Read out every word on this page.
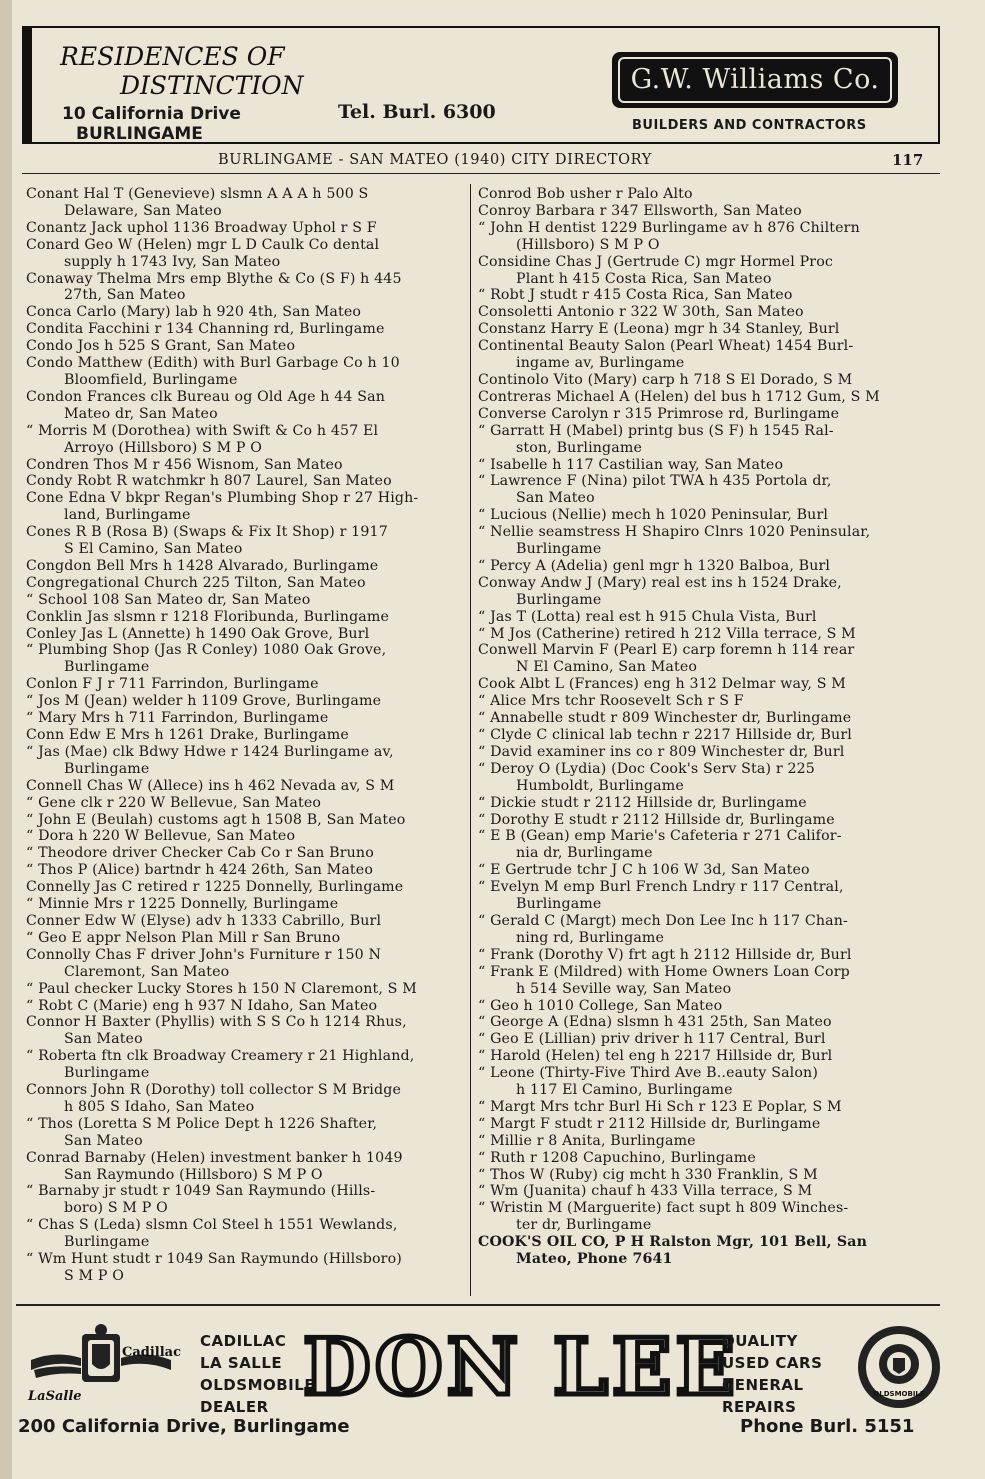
RESIDENCES OF
DISTINCTION
10 California Drive
BURLINGAME
Tel. Burl. 6300
G.W. Williams Co.
BUILDERS AND CONTRACTORS
BURLINGAME - SAN MATEO (1940) CITY DIRECTORY	117
Conant Hal T (Genevieve) slsmn A A A h 500 S
Delaware, San Mateo
Conantz Jack uphol 1136 Broadway Uphol r S F
Conard Geo W (Helen) mgr L D Caulk Co dental
supply h 1743 Ivy, San Mateo
Conaway Thelma Mrs emp Blythe & Co (S F) h 445
27th, San Mateo
Conca Carlo (Mary) lab h 920 4th, San Mateo
Condita Facchini r 134 Channing rd, Burlingame
Condo Jos h 525 S Grant, San Mateo
Condo Matthew (Edith) with Burl Garbage Co h 10
Bloomfield, Burlingame
Condon Frances clk Bureau og Old Age h 44 San
Mateo dr, San Mateo
“ Morris M (Dorothea) with Swift & Co h 457 El
Arroyo (Hillsboro) S M P O
Condren Thos M r 456 Wisnom, San Mateo
Condy Robt R watchmkr h 807 Laurel, San Mateo
Cone Edna V bkpr Regan's Plumbing Shop r 27 High-
land, Burlingame
Cones R B (Rosa B) (Swaps & Fix It Shop) r 1917
S El Camino, San Mateo
Congdon Bell Mrs h 1428 Alvarado, Burlingame
Congregational Church 225 Tilton, San Mateo
“ School 108 San Mateo dr, San Mateo
Conklin Jas slsmn r 1218 Floribunda, Burlingame
Conley Jas L (Annette) h 1490 Oak Grove, Burl
“ Plumbing Shop (Jas R Conley) 1080 Oak Grove,
Burlingame
Conlon F J r 711 Farrindon, Burlingame
“ Jos M (Jean) welder h 1109 Grove, Burlingame
“ Mary Mrs h 711 Farrindon, Burlingame
Conn Edw E Mrs h 1261 Drake, Burlingame
“ Jas (Mae) clk Bdwy Hdwe r 1424 Burlingame av,
Burlingame
Connell Chas W (Allece) ins h 462 Nevada av, S M
“ Gene clk r 220 W Bellevue, San Mateo
“ John E (Beulah) customs agt h 1508 B, San Mateo
“ Dora h 220 W Bellevue, San Mateo
“ Theodore driver Checker Cab Co r San Bruno
“ Thos P (Alice) bartndr h 424 26th, San Mateo
Connelly Jas C retired r 1225 Donnelly, Burlingame
“ Minnie Mrs r 1225 Donnelly, Burlingame
Conner Edw W (Elyse) adv h 1333 Cabrillo, Burl
“ Geo E appr Nelson Plan Mill r San Bruno
Connolly Chas F driver John's Furniture r 150 N
Claremont, San Mateo
“ Paul checker Lucky Stores h 150 N Claremont, S M
“ Robt C (Marie) eng h 937 N Idaho, San Mateo
Connor H Baxter (Phyllis) with S S Co h 1214 Rhus,
San Mateo
“ Roberta ftn clk Broadway Creamery r 21 Highland,
Burlingame
Connors John R (Dorothy) toll collector S M Bridge
h 805 S Idaho, San Mateo
“ Thos (Loretta S M Police Dept h 1226 Shafter,
San Mateo
Conrad Barnaby (Helen) investment banker h 1049
San Raymundo (Hillsboro) S M P O
“ Barnaby jr studt r 1049 San Raymundo (Hills-
boro) S M P O
“ Chas S (Leda) slsmn Col Steel h 1551 Wewlands,
Burlingame
“ Wm Hunt studt r 1049 San Raymundo (Hillsboro)
S M P O
Conrod Bob usher r Palo Alto
Conroy Barbara r 347 Ellsworth, San Mateo
“ John H dentist 1229 Burlingame av h 876 Chiltern
(Hillsboro) S M P O
Considine Chas J (Gertrude C) mgr Hormel Proc
Plant h 415 Costa Rica, San Mateo
“ Robt J studt r 415 Costa Rica, San Mateo
Consoletti Antonio r 322 W 30th, San Mateo
Constanz Harry E (Leona) mgr h 34 Stanley, Burl
Continental Beauty Salon (Pearl Wheat) 1454 Burl-
ingame av, Burlingame
Continolo Vito (Mary) carp h 718 S El Dorado, S M
Contreras Michael A (Helen) del bus h 1712 Gum, S M
Converse Carolyn r 315 Primrose rd, Burlingame
“ Garratt H (Mabel) printg bus (S F) h 1545 Ral-
ston, Burlingame
“ Isabelle h 117 Castilian way, San Mateo
“ Lawrence F (Nina) pilot TWA h 435 Portola dr,
San Mateo
“ Lucious (Nellie) mech h 1020 Peninsular, Burl
“ Nellie seamstress H Shapiro Clnrs 1020 Peninsular,
Burlingame
“ Percy A (Adelia) genl mgr h 1320 Balboa, Burl
Conway Andw J (Mary) real est ins h 1524 Drake,
Burlingame
“ Jas T (Lotta) real est h 915 Chula Vista, Burl
“ M Jos (Catherine) retired h 212 Villa terrace, S M
Conwell Marvin F (Pearl E) carp foremn h 114 rear
N El Camino, San Mateo
Cook Albt L (Frances) eng h 312 Delmar way, S M
“ Alice Mrs tchr Roosevelt Sch r S F
“ Annabelle studt r 809 Winchester dr, Burlingame
“ Clyde C clinical lab techn r 2217 Hillside dr, Burl
“ David examiner ins co r 809 Winchester dr, Burl
“ Deroy O (Lydia) (Doc Cook's Serv Sta) r 225
Humboldt, Burlingame
“ Dickie studt r 2112 Hillside dr, Burlingame
“ Dorothy E studt r 2112 Hillside dr, Burlingame
“ E B (Gean) emp Marie's Cafeteria r 271 Califor-
nia dr, Burlingame
“ E Gertrude tchr J C h 106 W 3d, San Mateo
“ Evelyn M emp Burl French Lndry r 117 Central,
Burlingame
“ Gerald C (Margt) mech Don Lee Inc h 117 Chan-
ning rd, Burlingame
“ Frank (Dorothy V) frt agt h 2112 Hillside dr, Burl
“ Frank E (Mildred) with Home Owners Loan Corp
h 514 Seville way, San Mateo
“ Geo h 1010 College, San Mateo
“ George A (Edna) slsmn h 431 25th, San Mateo
“ Geo E (Lillian) priv driver h 117 Central, Burl
“ Harold (Helen) tel eng h 2217 Hillside dr, Burl
“ Leone (Thirty-Five Third Ave B..eauty Salon)
h 117 El Camino, Burlingame
“ Margt Mrs tchr Burl Hi Sch r 123 E Poplar, S M
“ Margt F studt r 2112 Hillside dr, Burlingame
“ Millie r 8 Anita, Burlingame
“ Ruth r 1208 Capuchino, Burlingame
“ Thos W (Ruby) cig mcht h 330 Franklin, S M
“ Wm (Juanita) chauf h 433 Villa terrace, S M
“ Wristin M (Marguerite) fact supt h 809 Winches-
ter dr, Burlingame
COOK'S OIL CO, P H Ralston Mgr, 101 Bell, San
Mateo, Phone 7641
Cadillac
LaSalle
CADILLAC
LA SALLE
OLDSMOBILE
DEALER DON LEE
QUALITY
USED CARS
GENERAL
REPAIRS
OLDSMOBILE
200 California Drive, Burlingame	Phone Burl. 5151
